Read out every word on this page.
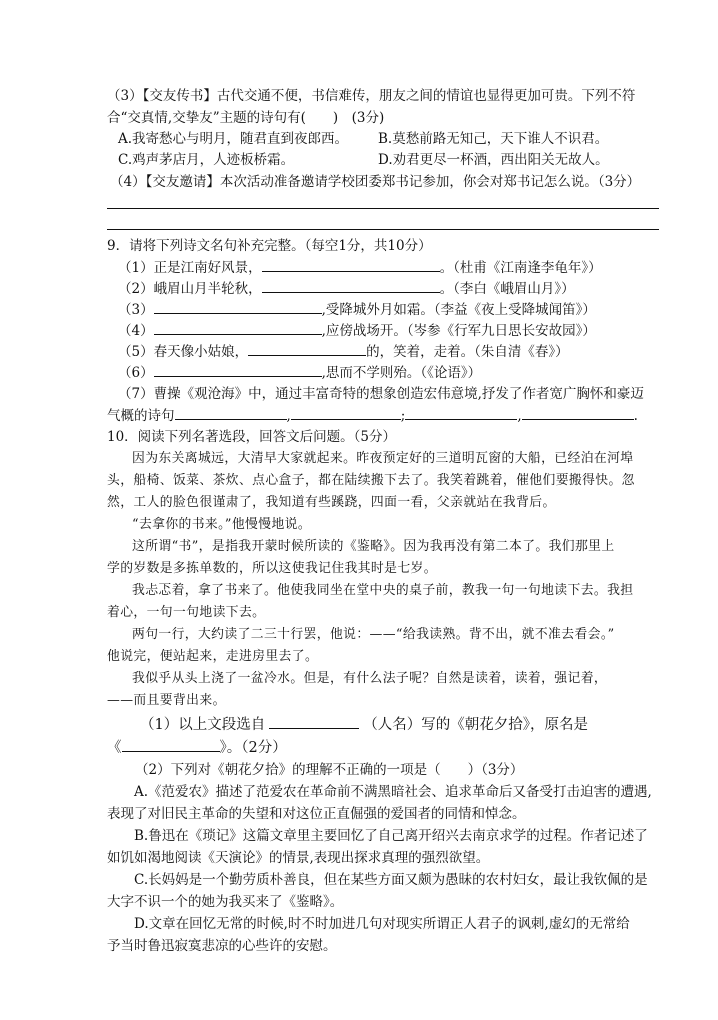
（3）【交友传书】古代交通不便，书信难传，朋友之间的情谊也显得更加可贵。下列不符
合“交真情,交挚友”主题的诗句有(　　)　(3分)
A.我寄愁心与明月，随君直到夜郎西。 B.莫愁前路无知己，天下谁人不识君。
C.鸡声茅店月，人迹板桥霜。	D.劝君更尽一杯酒，西出阳关无故人。
（4）【交友邀请】本次活动准备邀请学校团委郑书记参加，你会对郑书记怎么说。（3分）
9．请将下列诗文名句补充完整。（每空1分，共10分）
（1）正是江南好风景，	。（杜甫《江南逢李龟年》）
（2）峨眉山月半轮秋，	。（李白《峨眉山月》）
（3）	,受降城外月如霜。（李益《夜上受降城闻笛》）
（4）	,应傍战场开。（岑参《行军九日思长安故园》）
（5）春天像小姑娘，	的，笑着，走着。（朱自清《春》）
（6）	,思而不学则殆。（《论语》）
（7）曹操《观沧海》中，通过丰富奇特的想象创造宏伟意境,抒发了作者宽广胸怀和豪迈
气概的诗句	,	;	,	.
10．阅读下列名著选段，回答文后问题。（5分）
因为东关离城远，大清早大家就起来。昨夜预定好的三道明瓦窗的大船，已经泊在河埠
头，船椅、饭菜、茶炊、点心盒子，都在陆续搬下去了。我笑着跳着，催他们要搬得快。忽
然，工人的脸色很谨肃了，我知道有些蹊跷，四面一看，父亲就站在我背后。
“去拿你的书来。”他慢慢地说。
这所谓“书”，是指我开蒙时候所读的《鉴略》。因为我再没有第二本了。我们那里上
学的岁数是多拣单数的，所以这使我记住我其时是七岁。
我忐忑着，拿了书来了。他使我同坐在堂中央的桌子前，教我一句一句地读下去。我担
着心，一句一句地读下去。
两句一行，大约读了二三十行罢，他说：——“给我读熟。背不出，就不准去看会。”
他说完，便站起来，走进房里去了。
我似乎从头上浇了一盆冷水。但是，有什么法子呢？自然是读着，读着，强记着，
——而且要背出来。
（1）以上文段选自	（人名）写的《朝花夕拾》，原名是
《	》。（2分）
（2）下列对《朝花夕拾》的理解不正确的一项是（　　）（3分）
A.《范爱农》描述了范爱农在革命前不满黑暗社会、追求革命后又备受打击迫害的遭遇,
表现了对旧民主革命的失望和对这位正直倔强的爱国者的同情和悼念。
B.鲁迅在《琐记》这篇文章里主要回忆了自己离开绍兴去南京求学的过程。作者记述了
如饥如渴地阅读《天演论》的情景,表现出探求真理的强烈欲望。
C.长妈妈是一个勤劳质朴善良，但在某些方面又颇为愚昧的农村妇女，最让我钦佩的是
大字不识一个的她为我买来了《鉴略》。
D.文章在回忆无常的时候,时不时加进几句对现实所谓正人君子的讽刺,虚幻的无常给
予当时鲁迅寂寞悲凉的心些许的安慰。
